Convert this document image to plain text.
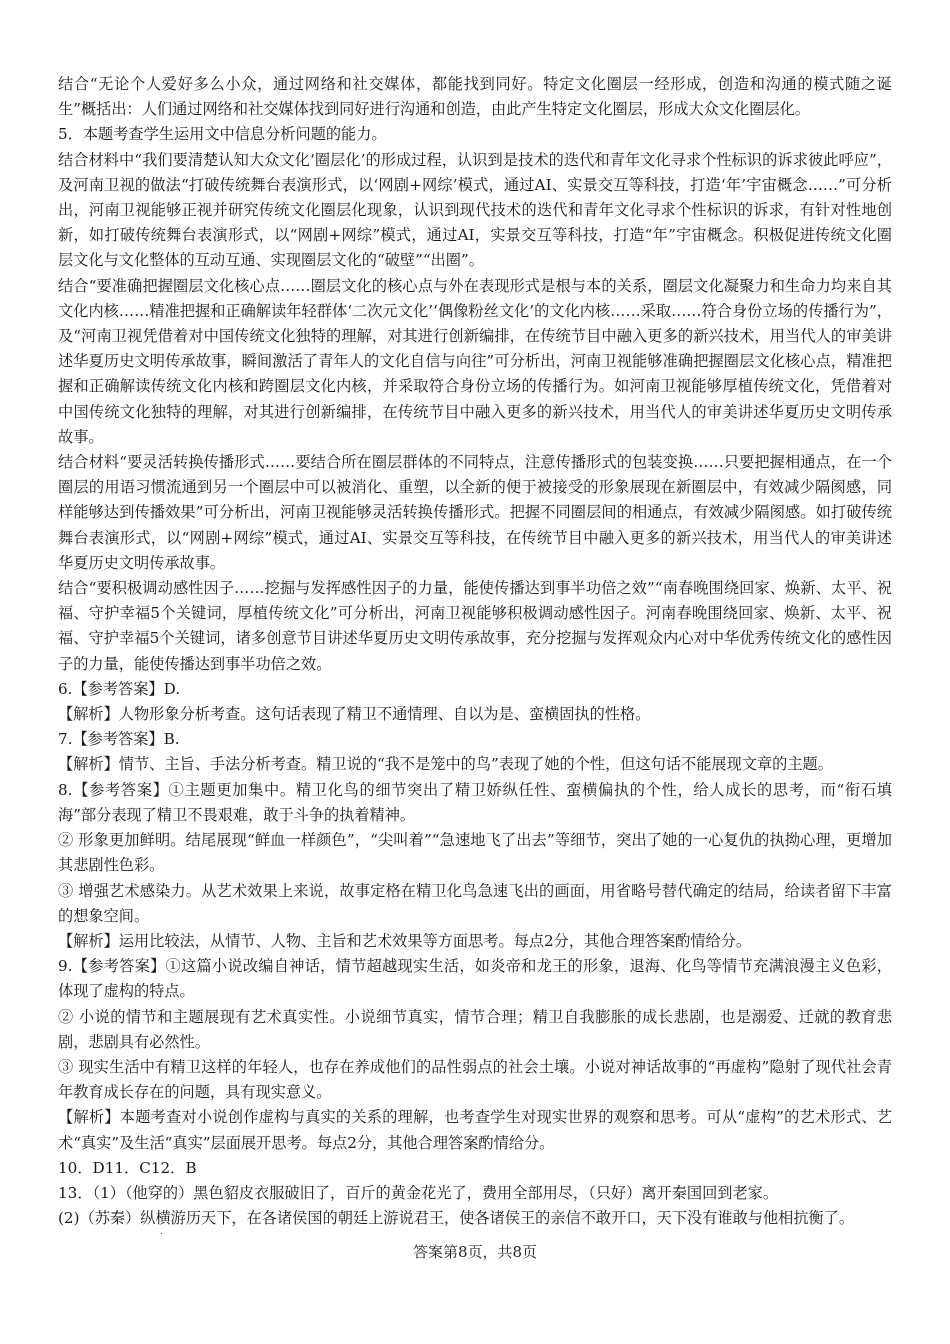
结合“无论个人爱好多么小众，通过网络和社交媒体，都能找到同好。特定文化圈层一经形成，创造和沟通的模式随之诞生”概括出：人们通过网络和社交媒体找到同好进行沟通和创造，由此产生特定文化圈层，形成大众文化圈层化。

5．本题考查学生运用文中信息分析问题的能力。

结合材料中“我们要清楚认知大众文化‘圈层化’的形成过程，认识到是技术的迭代和青年文化寻求个性标识的诉求彼此呼应”，及河南卫视的做法“打破传统舞台表演形式，以‘网剧+网综’模式，通过AI、实景交互等科技，打造‘年’宇宙概念……”可分析出，河南卫视能够正视并研究传统文化圈层化现象，认识到现代技术的迭代和青年文化寻求个性标识的诉求，有针对性地创新，如打破传统舞台表演形式，以“网剧+网综”模式，通过AI，实景交互等科技，打造“年”宇宙概念。积极促进传统文化圈层文化与文化整体的互动互通、实现圈层文化的“破壁”“出圈”。

结合“要准确把握圈层文化核心点……圈层文化的核心点与外在表现形式是根与本的关系，圈层文化凝聚力和生命力均来自其文化内核……精准把握和正确解读年轻群体‘二次元文化’‘偶像粉丝文化’的文化内核……采取……符合身份立场的传播行为”，及“河南卫视凭借着对中国传统文化独特的理解，对其进行创新编排，在传统节目中融入更多的新兴技术，用当代人的审美讲述华夏历史文明传承故事，瞬间激活了青年人的文化自信与向往”可分析出，河南卫视能够准确把握圈层文化核心点，精准把握和正确解读传统文化内核和跨圈层文化内核，并采取符合身份立场的传播行为。如河南卫视能够厚植传统文化，凭借着对中国传统文化独特的理解，对其进行创新编排，在传统节目中融入更多的新兴技术，用当代人的审美讲述华夏历史文明传承故事。

结合材料“要灵活转换传播形式……要结合所在圈层群体的不同特点，注意传播形式的包装变换……只要把握相通点，在一个圈层的用语习惯流通到另一个圈层中可以被消化、重塑，以全新的便于被接受的形象展现在新圈层中，有效减少隔阂感，同样能够达到传播效果”可分析出，河南卫视能够灵活转换传播形式。把握不同圈层间的相通点，有效减少隔阂感。如打破传统舞台表演形式，以“网剧+网综”模式，通过AI、实景交互等科技，在传统节目中融入更多的新兴技术，用当代人的审美讲述华夏历史文明传承故事。

结合“要积极调动感性因子……挖掘与发挥感性因子的力量，能使传播达到事半功倍之效”“南春晚围绕回家、焕新、太平、祝福、守护幸福5个关键词，厚植传统文化”可分析出，河南卫视能够积极调动感性因子。河南春晚围绕回家、焕新、太平、祝福、守护幸福5个关键词，诸多创意节目讲述华夏历史文明传承故事，充分挖掘与发挥观众内心对中华优秀传统文化的感性因子的力量，能使传播达到事半功倍之效。

6.【参考答案】D.

【解析】人物形象分析考查。这句话表现了精卫不通情理、自以为是、蛮横固执的性格。

7.【参考答案】B.

【解析】情节、主旨、手法分析考查。精卫说的“我不是笼中的鸟”表现了她的个性，但这句话不能展现文章的主题。

8.【参考答案】①主题更加集中。精卫化鸟的细节突出了精卫娇纵任性、蛮横偏执的个性，给人成长的思考，而“衔石填海”部分表现了精卫不畏艰难，敢于斗争的执着精神。

② 形象更加鲜明。结尾展现“鲜血一样颜色”，“尖叫着”“急速地飞了出去”等细节，突出了她的一心复仇的执拗心理，更增加其悲剧性色彩。

③ 增强艺术感染力。从艺术效果上来说，故事定格在精卫化鸟急速飞出的画面，用省略号替代确定的结局，给读者留下丰富的想象空间。

【解析】运用比较法，从情节、人物、主旨和艺术效果等方面思考。每点2分，其他合理答案酌情给分。

9.【参考答案】①这篇小说改编自神话，情节超越现实生活，如炎帝和龙王的形象，退海、化鸟等情节充满浪漫主义色彩，体现了虚构的特点。

② 小说的情节和主题展现有艺术真实性。小说细节真实，情节合理；精卫自我膨胀的成长悲剧，也是溺爱、迁就的教育悲剧，悲剧具有必然性。

③ 现实生活中有精卫这样的年轻人，也存在养成他们的品性弱点的社会土壤。小说对神话故事的“再虚构”隐射了现代社会青年教育成长存在的问题，具有现实意义。

【解析】本题考查对小说创作虚构与真实的关系的理解，也考查学生对现实世界的观察和思考。可从“虚构”的艺术形式、艺术“真实”及生活“真实”层面展开思考。每点2分，其他合理答案酌情给分。

10．D11．C12．B

13．（1）（他穿的）黑色貂皮衣服破旧了，百斤的黄金花光了，费用全部用尽，（只好）离开秦国回到老家。

(2)（苏秦）纵横游历天下，在各诸侯国的朝廷上游说君王，使各诸侯王的亲信不敢开口，天下没有谁敢与他相抗衡了。

·
答案第8页，共8页
